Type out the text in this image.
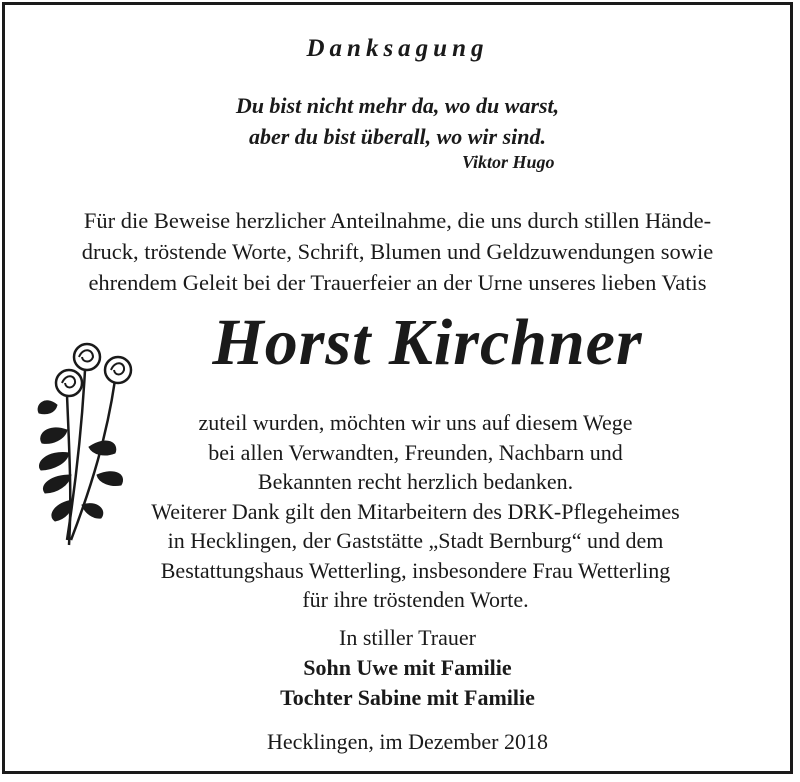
Danksagung
Du bist nicht mehr da, wo du warst,
aber du bist überall, wo wir sind.
Viktor Hugo
Für die Beweise herzlicher Anteilnahme, die uns durch stillen Hände-
druck, tröstende Worte, Schrift, Blumen und Geldzuwendungen sowie
ehrendem Geleit bei der Trauerfeier an der Urne unseres lieben Vatis
Horst Kirchner
zuteil wurden, möchten wir uns auf diesem Wege
bei allen Verwandten, Freunden, Nachbarn und
Bekannten recht herzlich bedanken.
Weiterer Dank gilt den Mitarbeitern des DRK-Pflegeheimes
in Hecklingen, der Gaststätte „Stadt Bernburg“ und dem
Bestattungshaus Wetterling, insbesondere Frau Wetterling
für ihre tröstenden Worte.
In stiller Trauer
Sohn Uwe mit Familie
Tochter Sabine mit Familie
Hecklingen, im Dezember 2018
